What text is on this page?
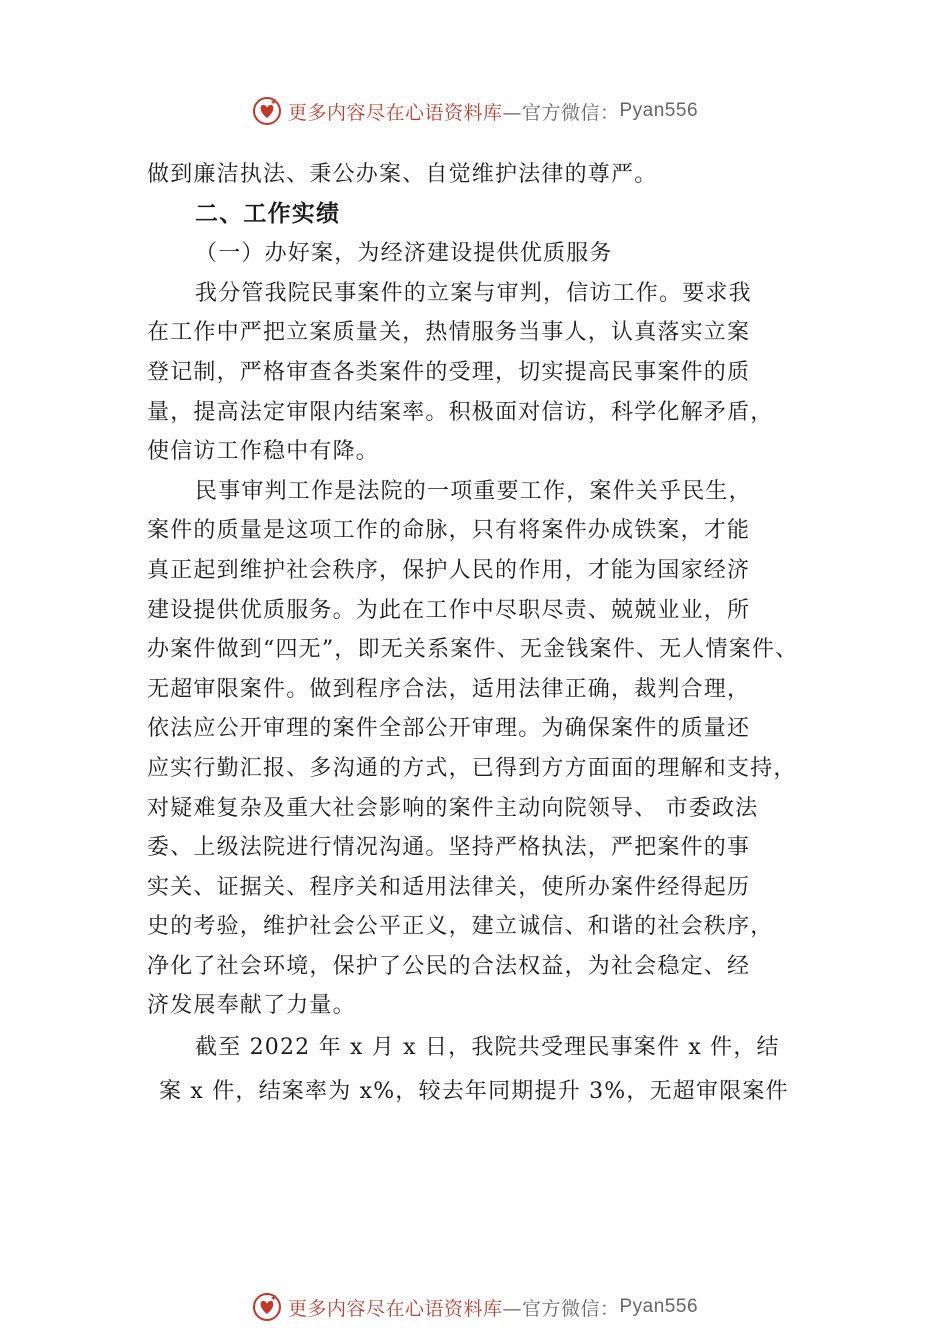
更多内容尽在心语资料库 —官方微信： Pyan556
做到廉洁执法、秉公办案、自觉维护法律的尊严。
二、工作实绩
（一）办好案，为经济建设提供优质服务
我分管我院民事案件的立案与审判，信访工作。要求我
在工作中严把立案质量关，热情服务当事人，认真落实立案
登记制，严格审查各类案件的受理，切实提高民事案件的质
量，提高法定审限内结案率。积极面对信访，科学化解矛盾，
使信访工作稳中有降。
民事审判工作是法院的一项重要工作，案件关乎民生，
案件的质量是这项工作的命脉，只有将案件办成铁案，才能
真正起到维护社会秩序，保护人民的作用，才能为国家经济
建设提供优质服务。为此在工作中尽职尽责、兢兢业业，所
办案件做到“四无”，即无关系案件、无金钱案件、无人情案件、
无超审限案件。做到程序合法，适用法律正确，裁判合理，
依法应公开审理的案件全部公开审理。为确保案件的质量还
应实行勤汇报、多沟通的方式，已得到方方面面的理解和支持，
对疑难复杂及重大社会影响的案件主动向院领导、 市委政法
委、上级法院进行情况沟通。坚持严格执法，严把案件的事
实关、证据关、程序关和适用法律关，使所办案件经得起历
史的考验，维护社会公平正义，建立诚信、和谐的社会秩序，
净化了社会环境，保护了公民的合法权益，为社会稳定、经
济发展奉献了力量。
截至 2022 年 x 月 x 日，我院共受理民事案件 x 件，结
案 x 件，结案率为 x%，较去年同期提升 3%，无超审限案件
更多内容尽在心语资料库 —官方微信： Pyan556
